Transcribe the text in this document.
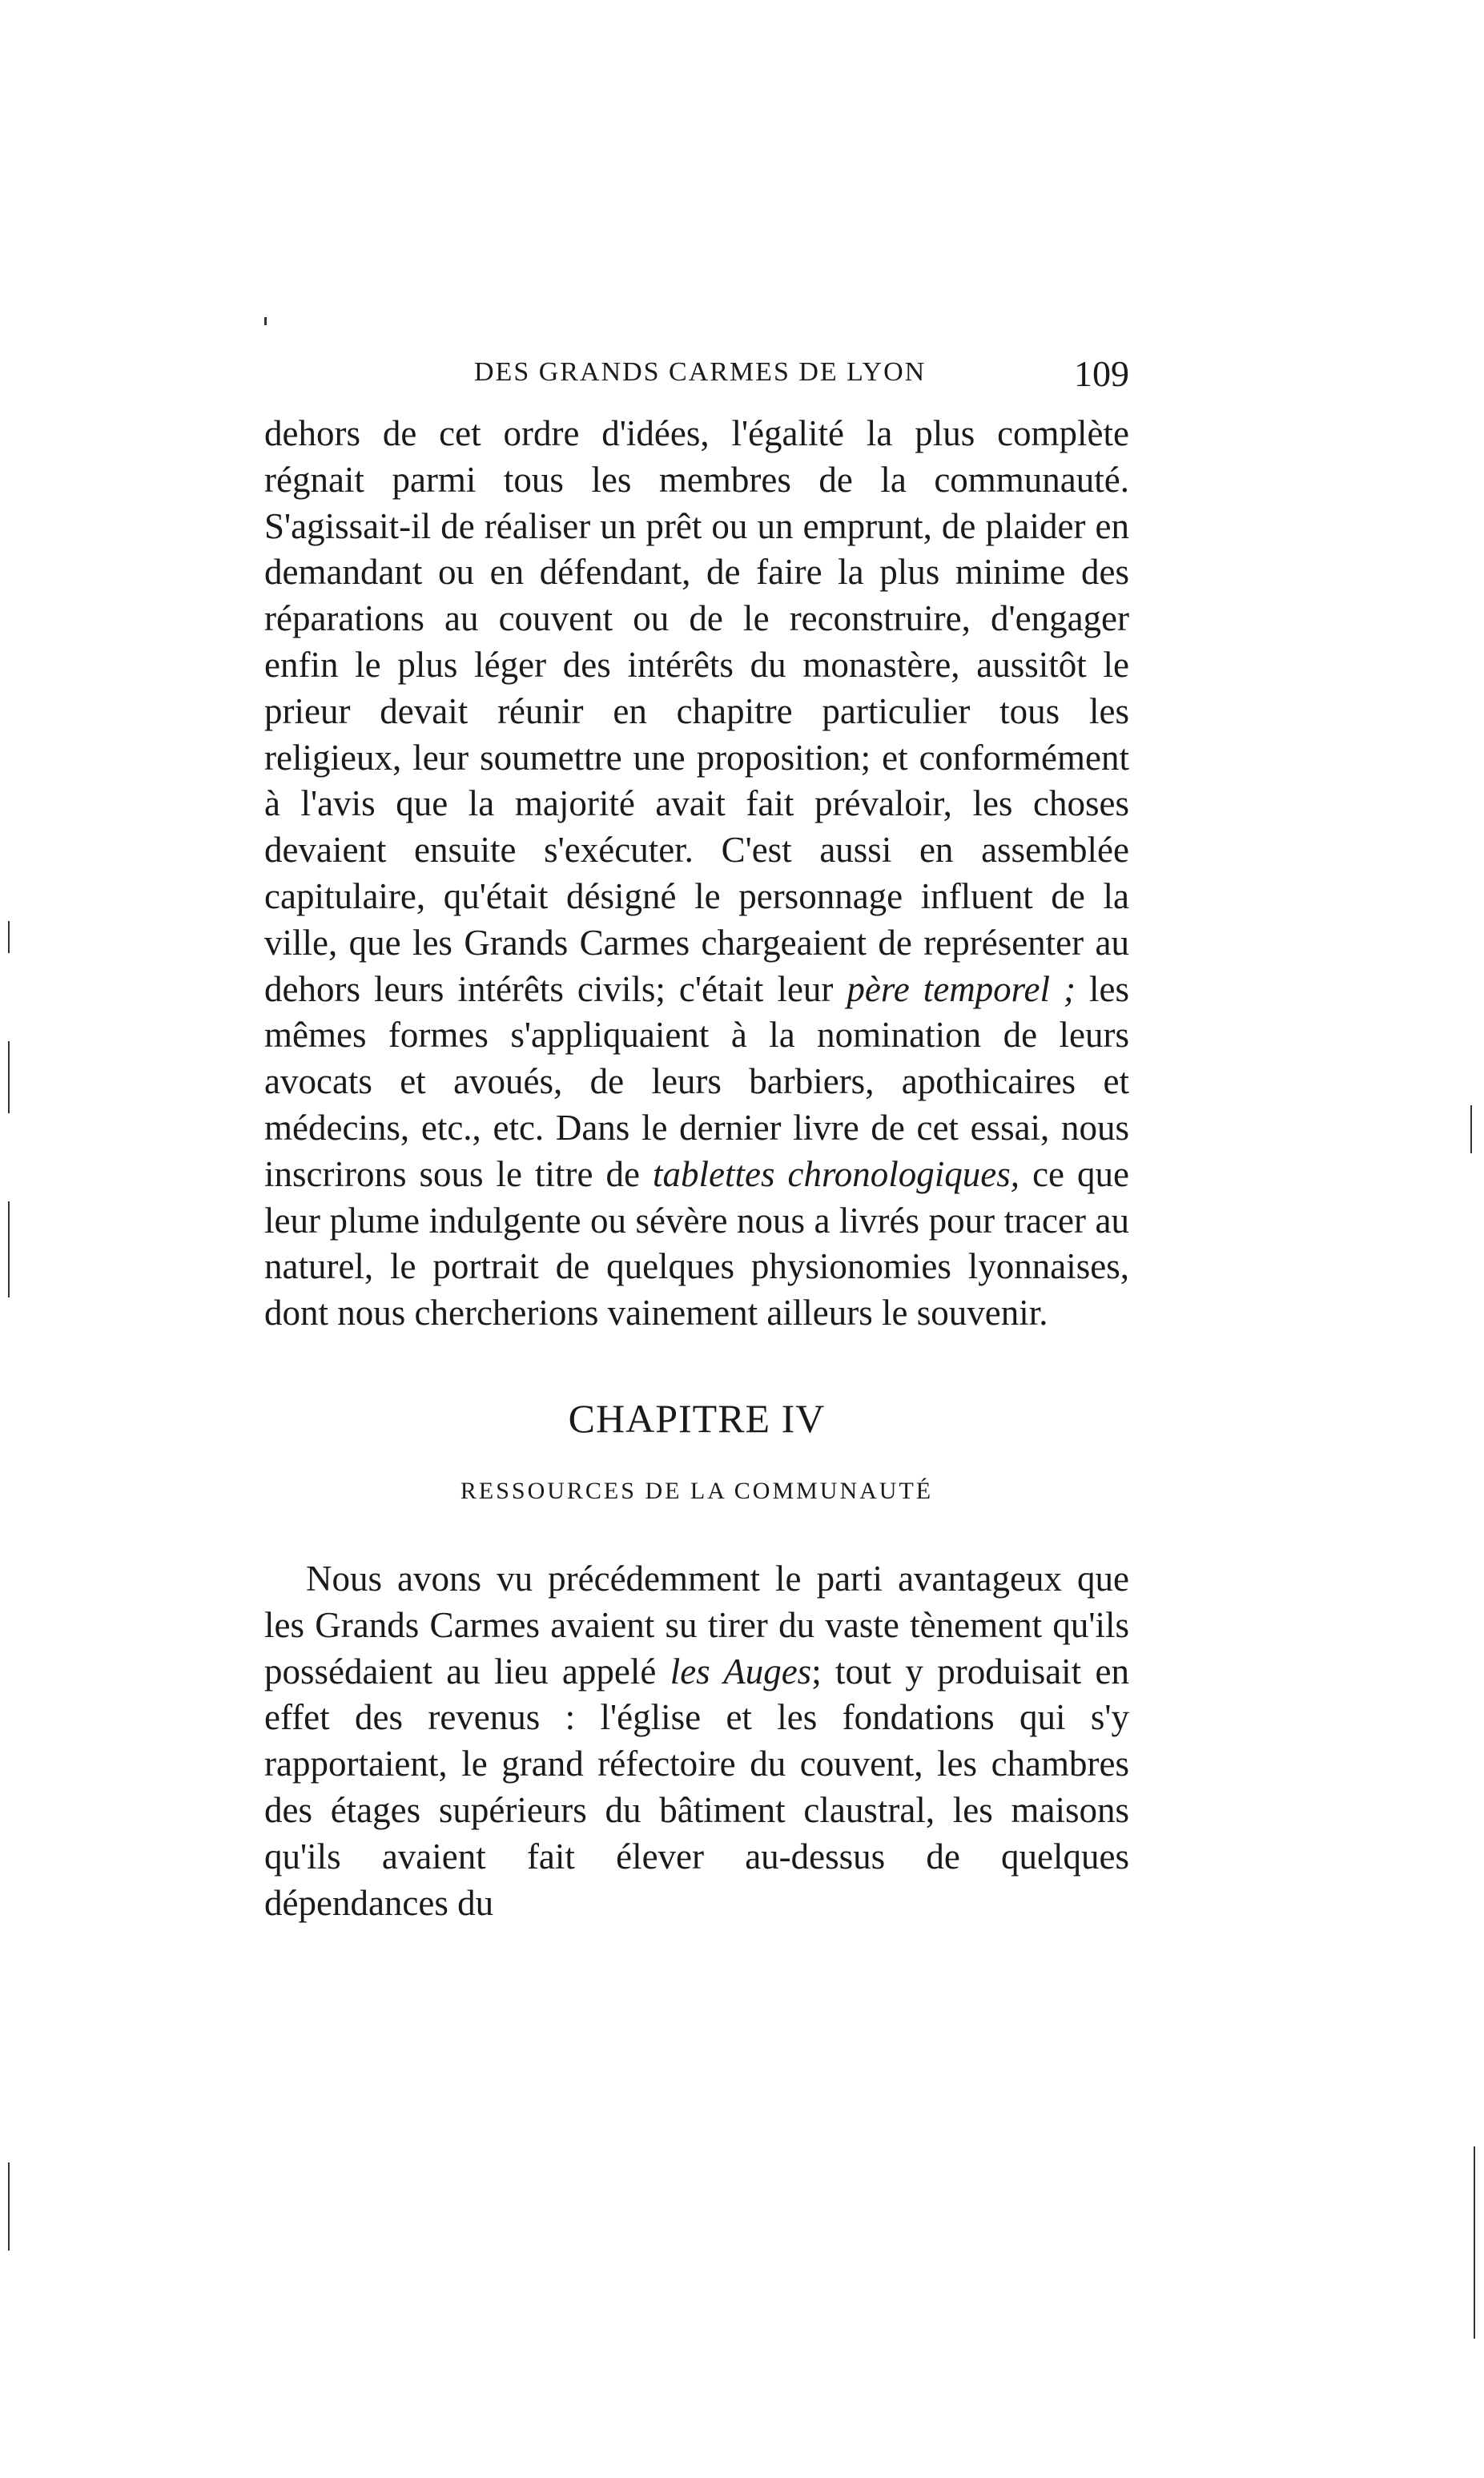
DES GRANDS CARMES DE LYON	109

dehors de cet ordre d'idées, l'égalité la plus complète régnait parmi tous les membres de la communauté. S'agissait-il de réaliser un prêt ou un emprunt, de plaider en demandant ou en défendant, de faire la plus minime des réparations au couvent ou de le reconstruire, d'engager enfin le plus léger des intérêts du monastère, aussitôt le prieur devait réunir en chapitre particulier tous les religieux, leur soumettre une proposition; et conformément à l'avis que la majorité avait fait prévaloir, les choses devaient ensuite s'exécuter. C'est aussi en assemblée capitulaire, qu'était désigné le personnage influent de la ville, que les Grands Carmes chargeaient de représenter au dehors leurs intérêts civils; c'était leur père temporel ; les mêmes formes s'appliquaient à la nomination de leurs avocats et avoués, de leurs barbiers, apothicaires et médecins, etc., etc. Dans le dernier livre de cet essai, nous inscrirons sous le titre de tablettes chronologiques, ce que leur plume indulgente ou sévère nous a livrés pour tracer au naturel, le portrait de quelques physionomies lyonnaises, dont nous chercherions vainement ailleurs le souvenir.

CHAPITRE IV
RESSOURCES DE LA COMMUNAUTÉ

Nous avons vu précédemment le parti avantageux que les Grands Carmes avaient su tirer du vaste tènement qu'ils possédaient au lieu appelé les Auges; tout y produisait en effet des revenus : l'église et les fondations qui s'y rapportaient, le grand réfectoire du couvent, les chambres des étages supérieurs du bâtiment claustral, les maisons qu'ils avaient fait élever au-dessus de quelques dépendances du
